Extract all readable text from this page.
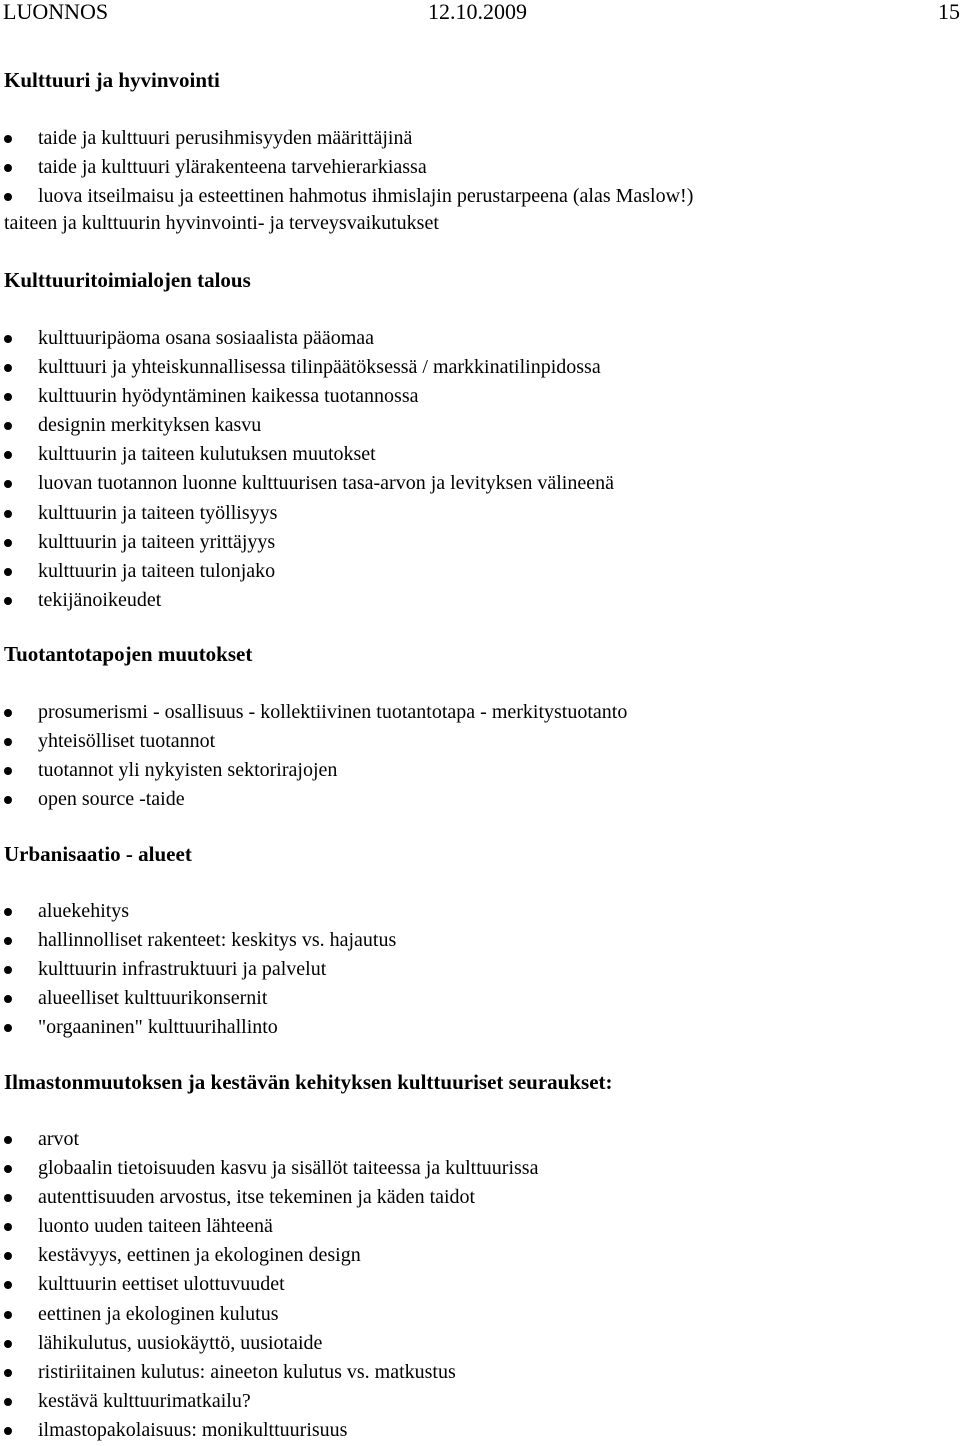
LUONNOS	12.10.2009	15
Kulttuuri ja hyvinvointi
taide ja kulttuuri perusihmisyyden määrittäjinä
taide ja kulttuuri ylärakenteena tarvehierarkiassa
luova itseilmaisu ja esteettinen hahmotus ihmislajin perustarpeena (alas Maslow!)
taiteen ja kulttuurin hyvinvointi- ja terveysvaikutukset
Kulttuuritoimialojen talous
kulttuuripäoma osana sosiaalista pääomaa
kulttuuri ja yhteiskunnallisessa tilinpäätöksessä / markkinatilinpidossa
kulttuurin hyödyntäminen kaikessa tuotannossa
designin merkityksen kasvu
kulttuurin ja taiteen kulutuksen muutokset
luovan tuotannon luonne kulttuurisen tasa-arvon ja levityksen välineenä
kulttuurin ja taiteen työllisyys
kulttuurin ja taiteen yrittäjyys
kulttuurin ja taiteen tulonjako
tekijänoikeudet
Tuotantotapojen muutokset
prosumerismi - osallisuus - kollektiivinen tuotantotapa - merkitystuotanto
yhteisölliset tuotannot
tuotannot yli nykyisten sektorirajojen
open source -taide
Urbanisaatio - alueet
aluekehitys
hallinnolliset rakenteet: keskitys vs. hajautus
kulttuurin infrastruktuuri ja palvelut
alueelliset kulttuurikonsernit
"orgaaninen" kulttuurihallinto
Ilmastonmuutoksen ja kestävän kehityksen kulttuuriset seuraukset:
arvot
globaalin tietoisuuden kasvu ja sisällöt taiteessa ja kulttuurissa
autenttisuuden arvostus, itse tekeminen ja käden taidot
luonto uuden taiteen lähteenä
kestävyys, eettinen ja ekologinen design
kulttuurin eettiset ulottuvuudet
eettinen ja ekologinen kulutus
lähikulutus, uusiokäyttö, uusiotaide
ristiriitainen kulutus: aineeton kulutus vs. matkustus
kestävä kulttuurimatkailu?
ilmastopakolaisuus: monikulttuurisuus
